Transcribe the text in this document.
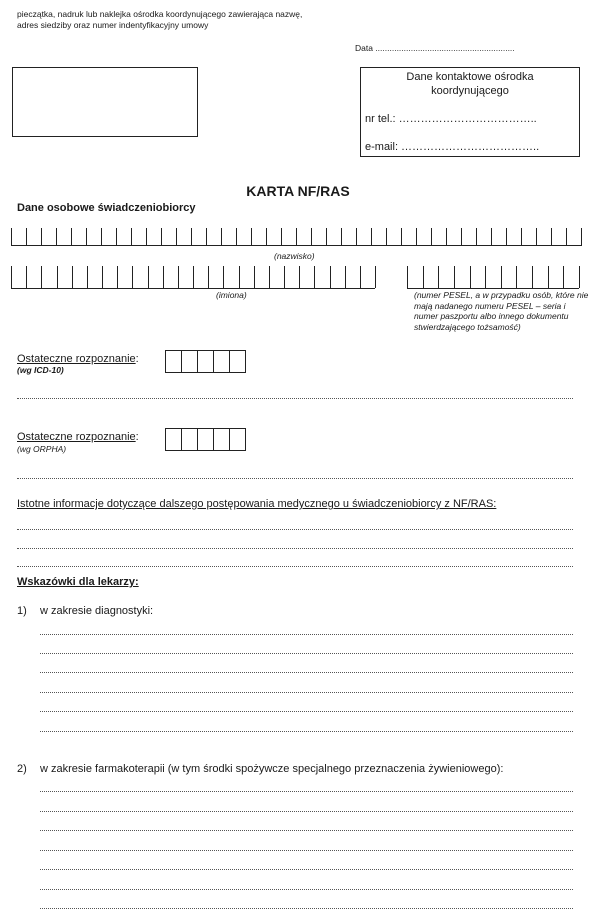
pieczątka, nadruk lub naklejka ośrodka koordynującego zawierająca nazwę, adres siedziby oraz numer indentyfikacyjny umowy
Data ...........................................................
Dane kontaktowe ośrodka koordynującego
nr tel.: ………………………………..
e-mail: ………………………………..
KARTA NF/RAS
Dane osobowe świadczeniobiorcy
(nazwisko)
(imiona)	(numer PESEL, a w przypadku osób, które nie mają nadanego numeru PESEL – seria i numer paszportu albo innego dokumentu stwierdzającego tożsamość)
Ostateczne rozpoznanie:
(wg ICD-10)
Ostateczne rozpoznanie:
(wg ORPHA)
Istotne informacje dotyczące dalszego postępowania medycznego u świadczeniobiorcy z NF/RAS:
Wskazówki dla lekarzy:
1) w zakresie diagnostyki:
2) w zakresie farmakoterapii (w tym środki spożywcze specjalnego przeznaczenia żywieniowego):
